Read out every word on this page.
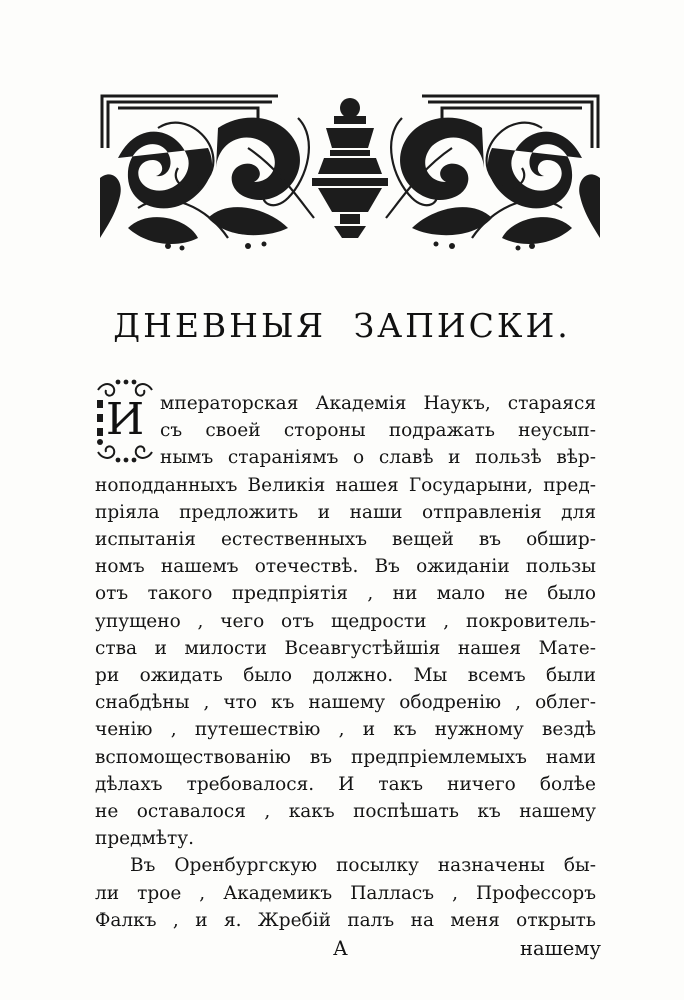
ДНЕВНЫЯ ЗАПИСКИ.
И мператорская Академія Наукъ, стараяся
съ своей стороны подражать неусып-
нымъ стараніямъ о славѣ и пользѣ вѣр-
ноподданныхъ Великія нашея Государыни, пред-
пріяла предложить и наши отправленія для
испытанія естественныхъ вещей въ обшир-
номъ нашемъ отечествѣ. Въ ожиданіи пользы
отъ такого предпріятія , ни мало не было
упущено , чего отъ щедрости , покровитель-
ства и милости Всеавгустѣйшія нашея Матe-
ри ожидать было должно. Мы всемъ были
снабдѣны , что къ нашему ободренію , облег-
ченію , путешествію , и къ нужному вездѣ
вспомоществованію въ предпріемлемыхъ нами
дѣлахъ требовалося. И такъ ничего болѣе
не оставалося , какъ поспѣшать къ нашему
предмѣту.
Въ Оренбургскую посылку назначены бы-
ли трое , Академикъ Палласъ , Профессоръ
Фалкъ , и я. Жребій палъ на меня открыть
А	нашему
